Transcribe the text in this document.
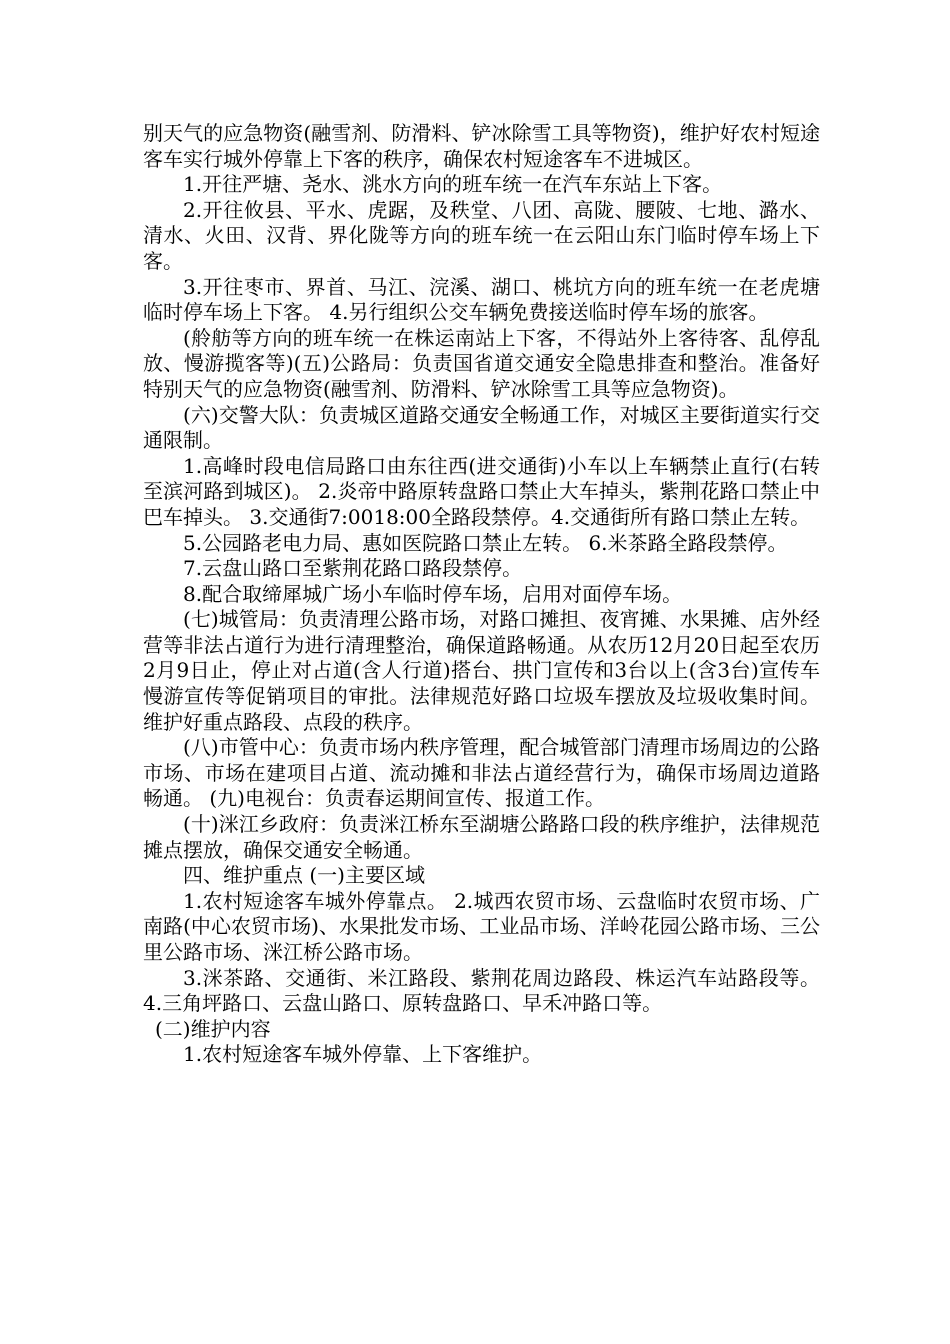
别天气的应急物资(融雪剂、防滑料、铲冰除雪工具等物资)，维护好农村短途客车实行城外停靠上下客的秩序，确保农村短途客车不进城区。

1.开往严塘、尧水、洮水方向的班车统一在汽车东站上下客。

2.开往攸县、平水、虎踞，及秩堂、八团、高陇、腰陂、七地、潞水、清水、火田、汉背、界化陇等方向的班车统一在云阳山东门临时停车场上下客。

3.开往枣市、界首、马江、浣溪、湖口、桃坑方向的班车统一在老虎塘临时停车场上下客。 4.另行组织公交车辆免费接送临时停车场的旅客。

(舲舫等方向的班车统一在株运南站上下客，不得站外上客待客、乱停乱放、慢游揽客等)(五)公路局：负责国省道交通安全隐患排查和整治。准备好特别天气的应急物资(融雪剂、防滑料、铲冰除雪工具等应急物资)。

(六)交警大队：负责城区道路交通安全畅通工作，对城区主要街道实行交通限制。

1.高峰时段电信局路口由东往西(进交通街)小车以上车辆禁止直行(右转至滨河路到城区)。 2.炎帝中路原转盘路口禁止大车掉头，紫荆花路口禁止中巴车掉头。 3.交通街7:0018:00全路段禁停。4.交通街所有路口禁止左转。

5.公园路老电力局、惠如医院路口禁止左转。 6.米茶路全路段禁停。

7.云盘山路口至紫荆花路口路段禁停。

8.配合取缔犀城广场小车临时停车场，启用对面停车场。

(七)城管局：负责清理公路市场，对路口摊担、夜宵摊、水果摊、店外经营等非法占道行为进行清理整治，确保道路畅通。从农历12月20日起至农历2月9日止，停止对占道(含人行道)搭台、拱门宣传和3台以上(含3台)宣传车慢游宣传等促销项目的审批。法律规范好路口垃圾车摆放及垃圾收集时间。维护好重点路段、点段的秩序。

(八)市管中心：负责市场内秩序管理，配合城管部门清理市场周边的公路市场、市场在建项目占道、流动摊和非法占道经营行为，确保市场周边道路畅通。 (九)电视台：负责春运期间宣传、报道工作。

(十)洣江乡政府：负责洣江桥东至湖塘公路路口段的秩序维护，法律规范摊点摆放，确保交通安全畅通。

四、维护重点 (一)主要区域

1.农村短途客车城外停靠点。 2.城西农贸市场、云盘临时农贸市场、广南路(中心农贸市场)、水果批发市场、工业品市场、洋岭花园公路市场、三公里公路市场、洣江桥公路市场。

3.洣茶路、交通街、米江路段、紫荆花周边路段、株运汽车站路段等。 4.三角坪路口、云盘山路口、原转盘路口、早禾冲路口等。

(二)维护内容

1.农村短途客车城外停靠、上下客维护。
